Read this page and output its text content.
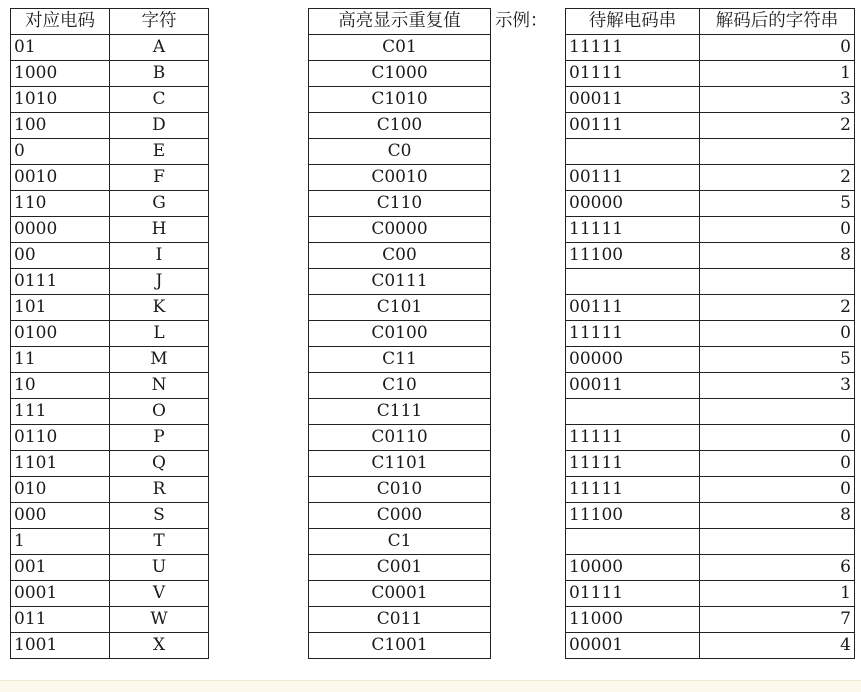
对应电码	字符
01	A
1000	B
1010	C
100	D
0	E
0010	F
110	G
0000	H
00	I
0111	J
101	K
0100	L
11	M
10	N
111	O
0110	P
1101	Q
010	R
000	S
1	T
001	U
0001	V
011	W
1001	X
高亮显示重复值
C01
C1000
C1010
C100
C0
C0010
C110
C0000
C00
C0111
C101
C0100
C11
C10
C111
C0110
C1101
C010
C000
C1
C001
C0001
C011
C1001
示例： 待解电码串	解码后的字符串
11111	0
01111	1
00011	3
00111	2

00111	2
00000	5
11111	0
11100	8

00111	2
11111	0
00000	5
00011	3

11111	0
11111	0
11111	0
11100	8

10000	6
01111	1
11000	7
00001	4
